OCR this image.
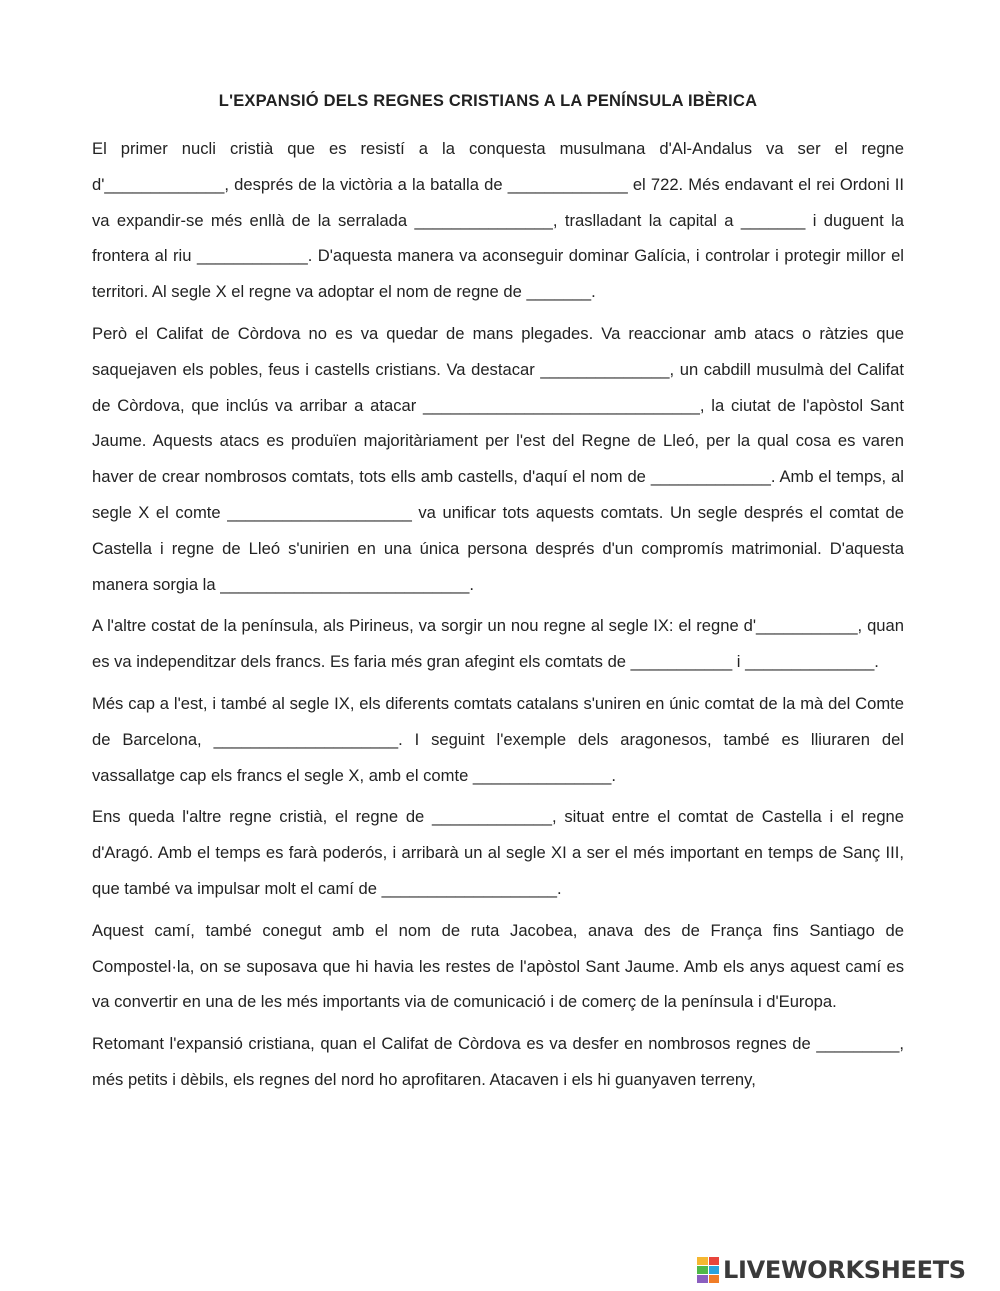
L'EXPANSIÓ DELS REGNES CRISTIANS A LA PENÍNSULA IBÈRICA

El primer nucli cristià que es resistí a la conquesta musulmana d'Al-Andalus va ser el regne d'_____________, després de la victòria a la batalla de _____________ el 722. Més endavant el rei Ordoni II va expandir-se més enllà de la serralada _______________, traslladant la capital a _______ i duguent la frontera al riu ____________. D'aquesta manera va aconseguir dominar Galícia, i controlar i protegir millor el territori. Al segle X el regne va adoptar el nom de regne de _______.

Però el Califat de Còrdova no es va quedar de mans plegades. Va reaccionar amb atacs o ràtzies que saquejaven els pobles, feus i castells cristians. Va destacar ______________, un cabdill musulmà del Califat de Còrdova, que inclús va arribar a atacar ______________________________, la ciutat de l'apòstol Sant Jaume. Aquests atacs es produïen majoritàriament per l'est del Regne de Lleó, per la qual cosa es varen haver de crear nombrosos comtats, tots ells amb castells, d'aquí el nom de _____________. Amb el temps, al segle X el comte ____________________ va unificar tots aquests comtats. Un segle després el comtat de Castella i regne de Lleó s'unirien en una única persona després d'un compromís matrimonial. D'aquesta manera sorgia la ___________________________.

A l'altre costat de la península, als Pirineus, va sorgir un nou regne al segle IX: el regne d'___________, quan es va independitzar dels francs. Es faria més gran afegint els comtats de ___________ i ______________.

Més cap a l'est, i també al segle IX, els diferents comtats catalans s'uniren en únic comtat de la mà del Comte de Barcelona, ____________________. I seguint l'exemple dels aragonesos, també es lliuraren del vassallatge cap els francs el segle X, amb el comte _______________.

Ens queda l'altre regne cristià, el regne de _____________, situat entre el comtat de Castella i el regne d'Aragó. Amb el temps es farà poderós, i arribarà un al segle XI a ser el més important en temps de Sanç III, que també va impulsar molt el camí de ___________________.

Aquest camí, també conegut amb el nom de ruta Jacobea, anava des de França fins Santiago de Compostel·la, on se suposava que hi havia les restes de l'apòstol Sant Jaume. Amb els anys aquest camí es va convertir en una de les més importants via de comunicació i de comerç de la península i d'Europa.

Retomant l'expansió cristiana, quan el Califat de Còrdova es va desfer en nombrosos regnes de _________, més petits i dèbils, els regnes del nord ho aprofitaren. Atacaven i els hi guanyaven terreny,

LIVEWORKSHEETS
